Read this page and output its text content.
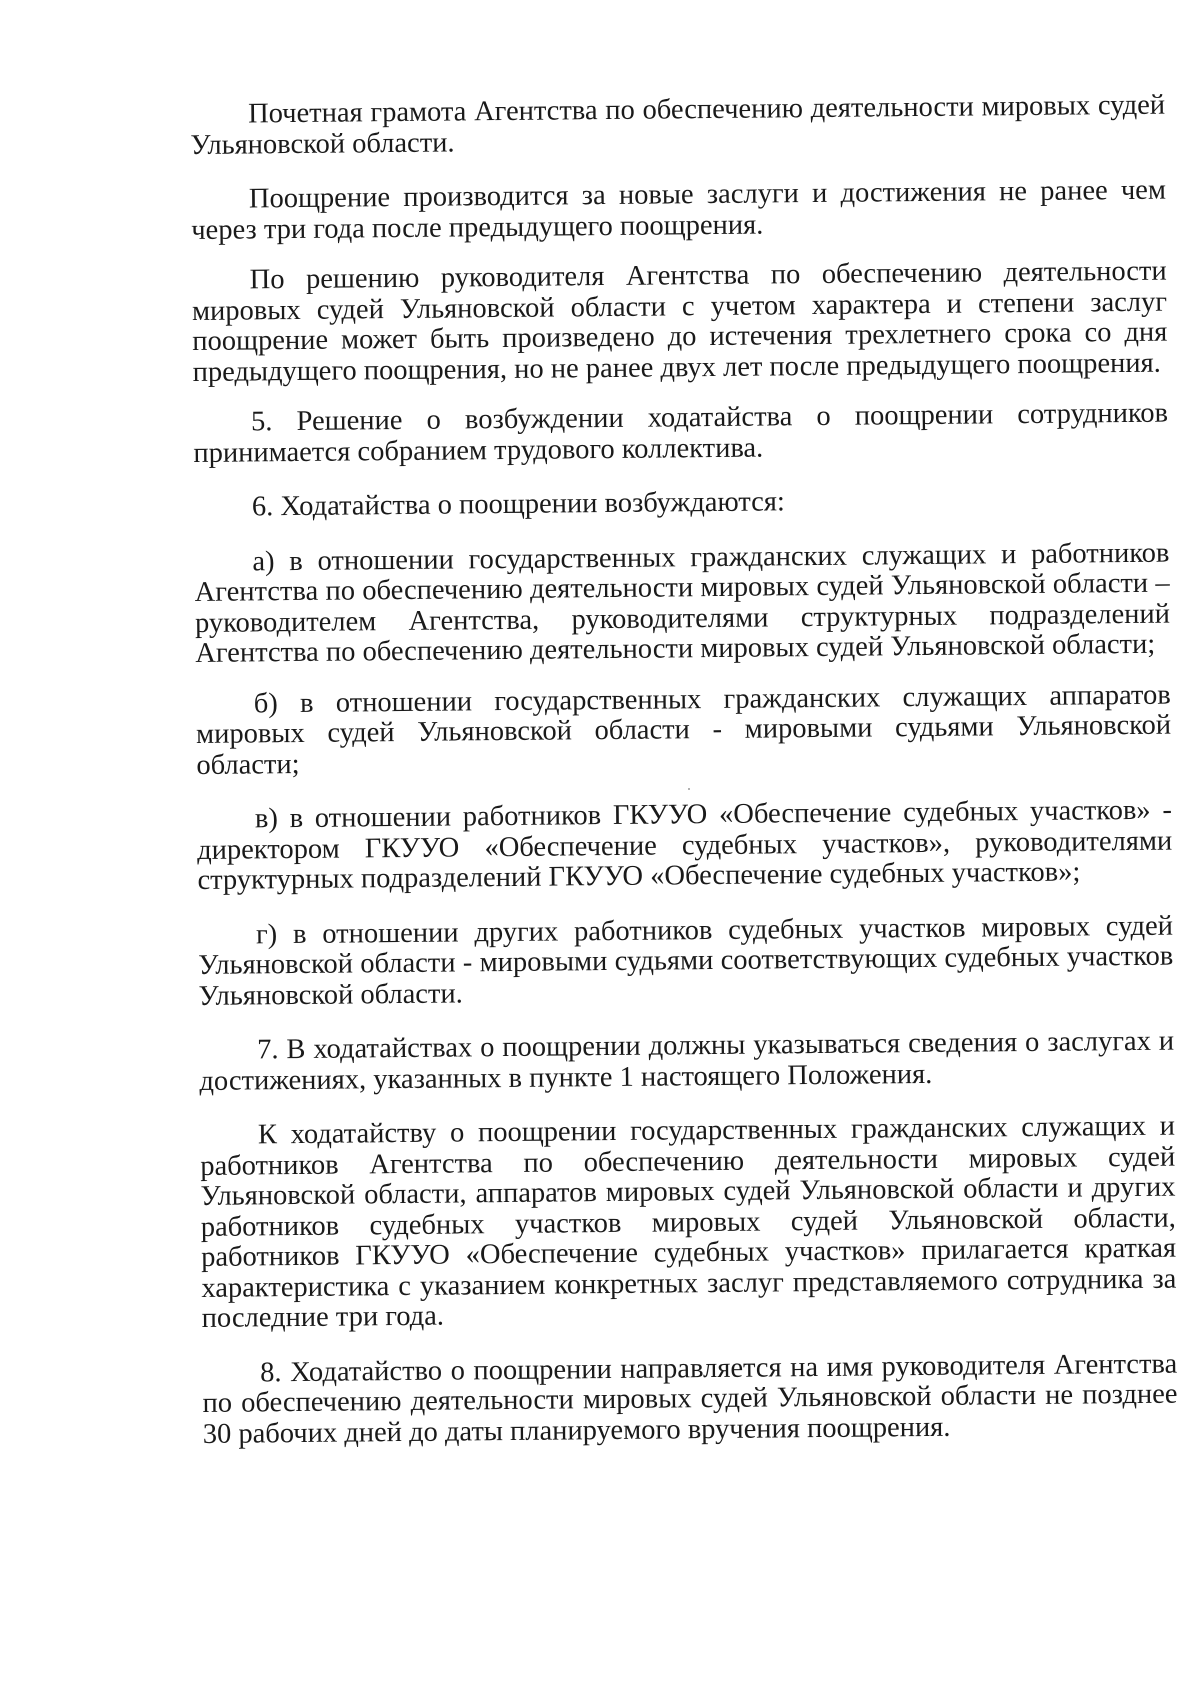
Почетная грамота Агентства по обеспечению деятельности мировых судей Ульяновской области.

Поощрение производится за новые заслуги и достижения не ранее чем через три года после предыдущего поощрения.

По решению руководителя Агентства по обеспечению деятельности мировых судей Ульяновской области с учетом характера и степени заслуг поощрение может быть произведено до истечения трехлетнего срока со дня предыдущего поощрения, но не ранее двух лет после предыдущего поощрения.

5. Решение о возбуждении ходатайства о поощрении сотрудников принимается собранием трудового коллектива.

6. Ходатайства о поощрении возбуждаются:

а) в отношении государственных гражданских служащих и работников Агентства по обеспечению деятельности мировых судей Ульяновской области – руководителем Агентства, руководителями структурных подразделений Агентства по обеспечению деятельности мировых судей Ульяновской области;

б) в отношении государственных гражданских служащих аппаратов мировых судей Ульяновской области - мировыми судьями Ульяновской области;

в) в отношении работников ГКУУО «Обеспечение судебных участков» - директором ГКУУО «Обеспечение судебных участков», руководителями структурных подразделений ГКУУО «Обеспечение судебных участков»;

г) в отношении других работников судебных участков мировых судей Ульяновской области - мировыми судьями соответствующих судебных участков Ульяновской области.

7. В ходатайствах о поощрении должны указываться сведения о заслугах и достижениях, указанных в пункте 1 настоящего Положения.

К ходатайству о поощрении государственных гражданских служащих и работников Агентства по обеспечению деятельности мировых судей Ульяновской области, аппаратов мировых судей Ульяновской области и других работников судебных участков мировых судей Ульяновской области, работников ГКУУО «Обеспечение судебных участков» прилагается краткая характеристика с указанием конкретных заслуг представляемого сотрудника за последние три года.

8. Ходатайство о поощрении направляется на имя руководителя Агентства по обеспечению деятельности мировых судей Ульяновской области не позднее 30 рабочих дней до даты планируемого вручения поощрения.
